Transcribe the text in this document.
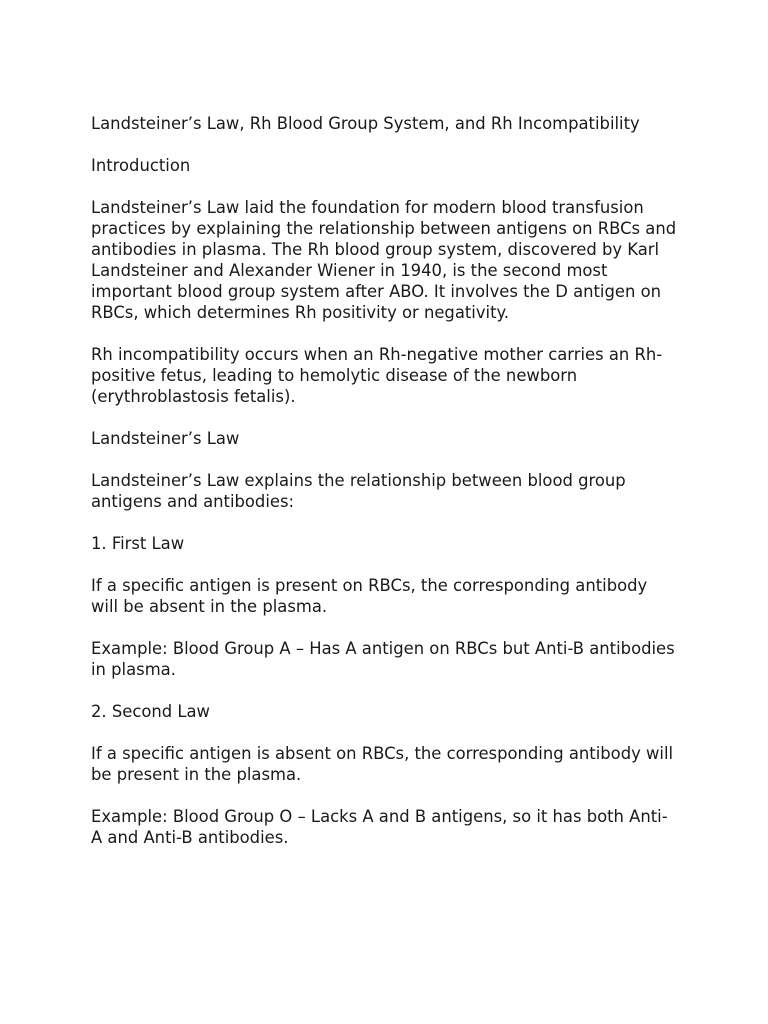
Landsteiner’s Law, Rh Blood Group System, and Rh Incompatibility

Introduction

Landsteiner’s Law laid the foundation for modern blood transfusion practices by explaining the relationship between antigens on RBCs and antibodies in plasma. The Rh blood group system, discovered by Karl Landsteiner and Alexander Wiener in 1940, is the second most important blood group system after ABO. It involves the D antigen on RBCs, which determines Rh positivity or negativity.

Rh incompatibility occurs when an Rh-negative mother carries an Rh-positive fetus, leading to hemolytic disease of the newborn (erythroblastosis fetalis).

Landsteiner’s Law

Landsteiner’s Law explains the relationship between blood group antigens and antibodies:

1. First Law

If a specific antigen is present on RBCs, the corresponding antibody will be absent in the plasma.

Example: Blood Group A – Has A antigen on RBCs but Anti-B antibodies in plasma.

2. Second Law

If a specific antigen is absent on RBCs, the corresponding antibody will be present in the plasma.

Example: Blood Group O – Lacks A and B antigens, so it has both Anti-A and Anti-B antibodies.
